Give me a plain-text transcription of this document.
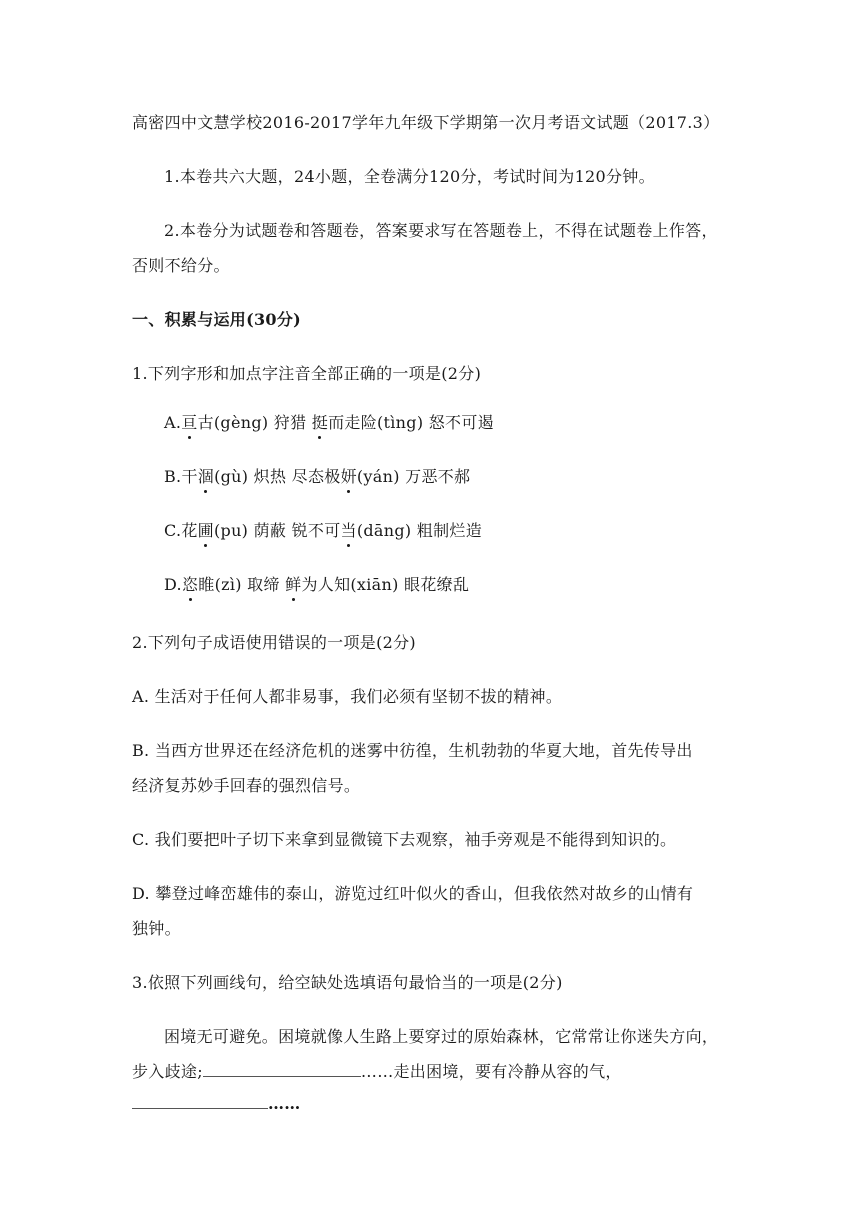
高密四中文慧学校2016-2017学年九年级下学期第一次月考语文试题（2017.3）
1.本卷共六大题，24小题，全卷满分120分，考试时间为120分钟。
2.本卷分为试题卷和答题卷，答案要求写在答题卷上，不得在试题卷上作答，
否则不给分。
一、积累与运用(30分)
1.下列字形和加点字注音全部正确的一项是(2分)
A.亘古(gèng) 狩猎 挺而走险(tìng) 怒不可遏
B.干涸(gù) 炽热 尽态极妍(yán) 万恶不郝
C.花圃(pu) 荫蔽 锐不可当(dāng) 粗制烂造
D.恣睢(zì) 取缔 鲜为人知(xiān) 眼花缭乱
2.下列句子成语使用错误的一项是(2分)
A. 生活对于任何人都非易事，我们必须有坚韧不拔的精神。
B. 当西方世界还在经济危机的迷雾中彷徨，生机勃勃的华夏大地，首先传导出
经济复苏妙手回春的强烈信号。
C. 我们要把叶子切下来拿到显微镜下去观察，袖手旁观是不能得到知识的。
D. 攀登过峰峦雄伟的泰山，游览过红叶似火的香山，但我依然对故乡的山情有
独钟。
3.依照下列画线句，给空缺处选填语句最恰当的一项是(2分)
困境无可避免。困境就像人生路上要穿过的原始森林，它常常让你迷失方向，
步入歧途;	……走出困境，要有冷静从容的气，
……
